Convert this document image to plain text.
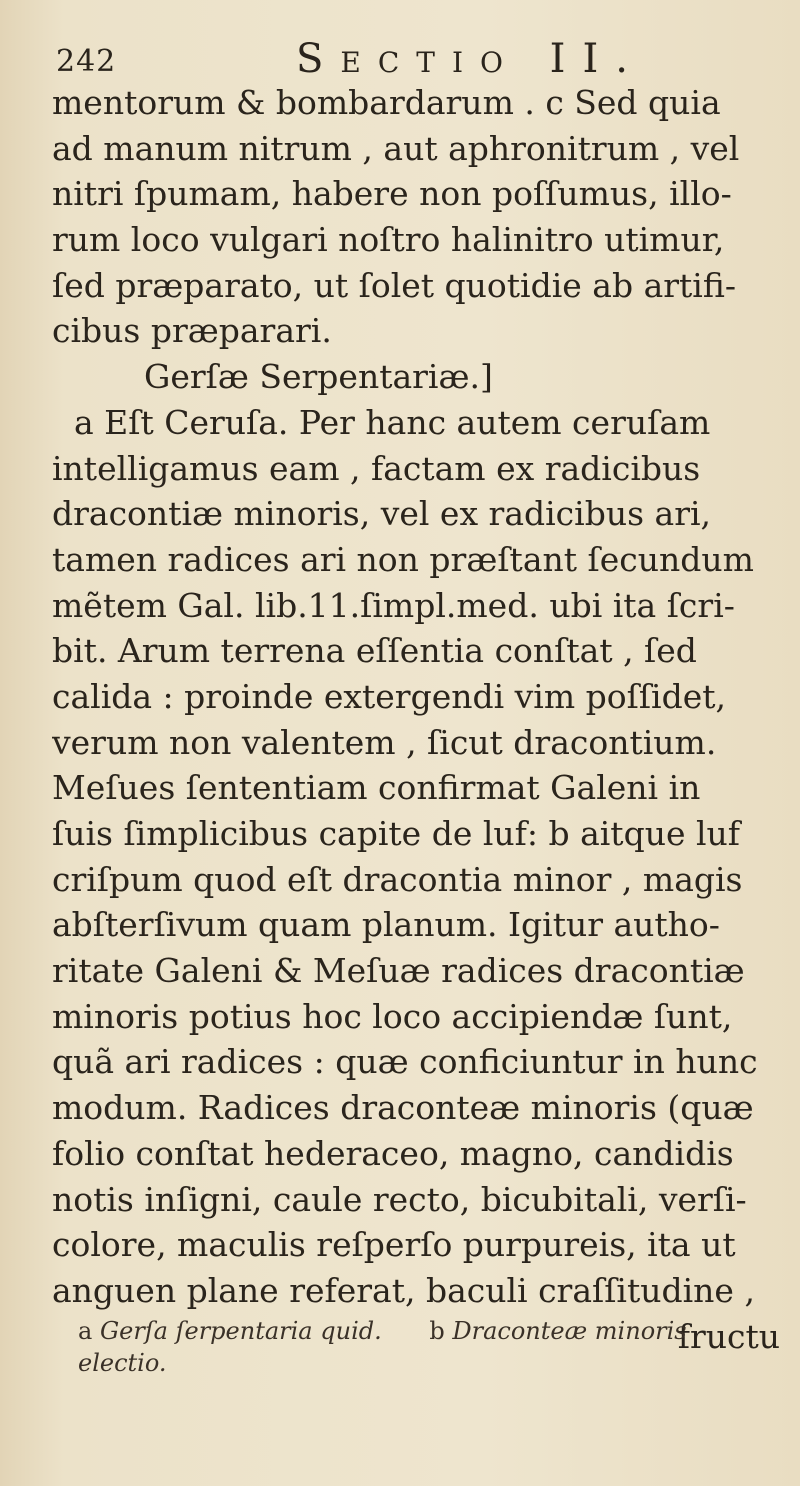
242	Sectio II.
mentorum & bombardarum . c Sed quia
ad manum nitrum , aut aphronitrum , vel
nitri ſpumam, habere non poſſumus, illo-
rum loco vulgari noſtro halinitro utimur,
ſed præparato, ut ſolet quotidie ab artifi-
cibus præparari.
Gerſæ Serpentariæ.]
a Eſt Ceruſa. Per hanc autem ceruſam
intelligamus eam , factam ex radicibus
dracontiæ minoris, vel ex radicibus ari,
tamen radices ari non præſtant ſecundum
mẽtem Gal. lib.11.ſimpl.med. ubi ita ſcri-
bit. Arum terrena eſſentia conſtat , ſed
calida : proinde extergendi vim poſſidet,
verum non valentem , ſicut dracontium.
Meſues ſententiam confirmat Galeni in
ſuis ſimplicibus capite de luf: b aitque luf
criſpum quod eſt dracontia minor , magis
abſterſivum quam planum. Igitur autho-
ritate Galeni & Meſuæ radices dracontiæ
minoris potius hoc loco accipiendæ ſunt,
quã ari radices : quæ conficiuntur in hunc
modum. Radices draconteæ minoris (quæ
folio conſtat hederaceo, magno, candidis
notis inſigni, caule recto, bicubitali, verſi-
colore, maculis reſperſo purpureis, ita ut
anguen plane referat, baculi craſſitudine ,
fructu
a Gerſa ſerpentaria quid. b Draconteæ minoris
electio.
